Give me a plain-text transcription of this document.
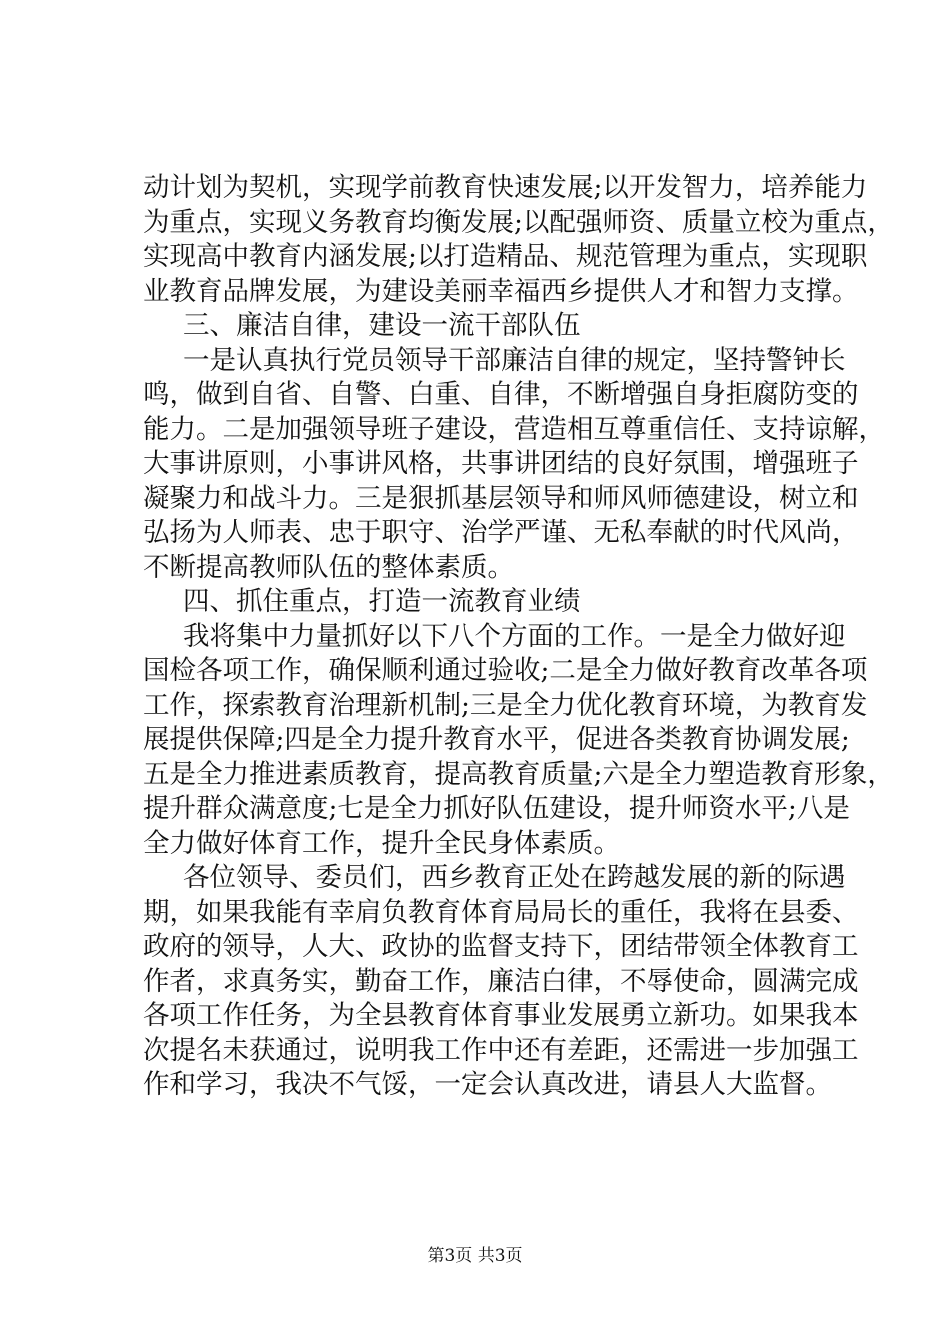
动计划为契机，实现学前教育快速发展;以开发智力，培养能力
为重点，实现义务教育均衡发展;以配强师资、质量立校为重点，
实现高中教育内涵发展;以打造精品、规范管理为重点，实现职
业教育品牌发展，为建设美丽幸福西乡提供人才和智力支撑。
三、廉洁自律，建设一流干部队伍
一是认真执行党员领导干部廉洁自律的规定，坚持警钟长
鸣，做到自省、自警、白重、自律，不断增强自身拒腐防变的
能力。二是加强领导班子建设，营造相互尊重信任、支持谅解，
大事讲原则，小事讲风格，共事讲团结的良好氛围，增强班子
凝聚力和战斗力。三是狠抓基层领导和师风师德建设，树立和
弘扬为人师表、忠于职守、治学严谨、无私奉献的时代风尚，
不断提高教师队伍的整体素质。
四、抓住重点，打造一流教育业绩
我将集中力量抓好以下八个方面的工作。一是全力做好迎
国检各项工作，确保顺利通过验收;二是全力做好教育改革各项
工作，探索教育治理新机制;三是全力优化教育环境，为教育发
展提供保障;四是全力提升教育水平，促进各类教育协调发展;
五是全力推进素质教育，提高教育质量;六是全力塑造教育形象，
提升群众满意度;七是全力抓好队伍建设，提升师资水平;八是
全力做好体育工作，提升全民身体素质。
各位领导、委员们，西乡教育正处在跨越发展的新的际遇
期，如果我能有幸肩负教育体育局局长的重任，我将在县委、
政府的领导，人大、政协的监督支持下，团结带领全体教育工
作者，求真务实，勤奋工作，廉洁白律，不辱使命，圆满完成
各项工作任务，为全县教育体育事业发展勇立新功。如果我本
次提名未获通过，说明我工作中还有差距，还需进一步加强工
作和学习，我决不气馁，一定会认真改进，请县人大监督。
第3页 共3页
